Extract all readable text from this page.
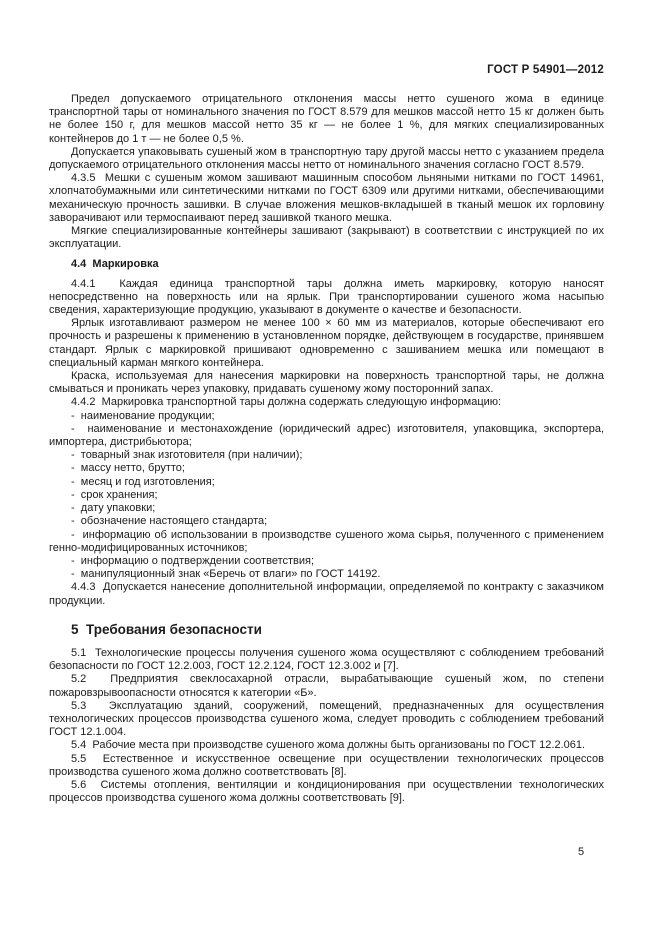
ГОСТ Р 54901—2012

Предел допускаемого отрицательного отклонения массы нетто сушеного жома в единице транспортной тары от номинального значения по ГОСТ 8.579 для мешков массой нетто 15 кг должен быть не более 150 г, для мешков массой нетто 35 кг — не более 1 %, для мягких специализированных контейнеров до 1 т — не более 0,5 %.

Допускается упаковывать сушеный жом в транспортную тару другой массы нетто с указанием предела допускаемого отрицательного отклонения массы нетто от номинального значения согласно ГОСТ 8.579.

4.3.5  Мешки с сушеным жомом зашивают машинным способом льняными нитками по ГОСТ 14961, хлопчатобумажными или синтетическими нитками по ГОСТ 6309 или другими нитками, обеспечивающими механическую прочность зашивки. В случае вложения мешков-вкладышей в тканый мешок их горловину заворачивают или термоспаивают перед зашивкой тканого мешка.

Мягкие специализированные контейнеры зашивают (закрывают) в соответствии с инструкцией по их эксплуатации.

4.4  Маркировка

4.4.1  Каждая единица транспортной тары должна иметь маркировку, которую наносят непосредственно на поверхность или на ярлык. При транспортировании сушеного жома насыпью сведения, характеризующие продукцию, указывают в документе о качестве и безопасности.

Ярлык изготавливают размером не менее 100 × 60 мм из материалов, которые обеспечивают его прочность и разрешены к применению в установленном порядке, действующем в государстве, принявшем стандарт. Ярлык с маркировкой пришивают одновременно с зашиванием мешка или помещают в специальный карман мягкого контейнера.

Краска, используемая для нанесения маркировки на поверхность транспортной тары, не должна смываться и проникать через упаковку, придавать сушеному жому посторонний запах.

4.4.2  Маркировка транспортной тары должна содержать следующую информацию:

-  наименование продукции;

-  наименование и местонахождение (юридический адрес) изготовителя, упаковщика, экспортера, импортера, дистрибьютора;

-  товарный знак изготовителя (при наличии);

-  массу нетто, брутто;

-  месяц и год изготовления;

-  срок хранения;

-  дату упаковки;

-  обозначение настоящего стандарта;

-  информацию об использовании в производстве сушеного жома сырья, полученного с применением генно-модифицированных источников;

-  информацию о подтверждении соответствия;

-  манипуляционный знак «Беречь от влаги» по ГОСТ 14192.

4.4.3  Допускается нанесение дополнительной информации, определяемой по контракту с заказчиком продукции.

5  Требования безопасности

5.1  Технологические процессы получения сушеного жома осуществляют с соблюдением требований безопасности по ГОСТ 12.2.003, ГОСТ 12.2.124, ГОСТ 12.3.002 и [7].

5.2  Предприятия свеклосахарной отрасли, вырабатывающие сушеный жом, по степени пожаровзрывоопасности относятся к категории «Б».

5.3  Эксплуатацию зданий, сооружений, помещений, предназначенных для осуществления технологических процессов производства сушеного жома, следует проводить с соблюдением требований ГОСТ 12.1.004.

5.4  Рабочие места при производстве сушеного жома должны быть организованы по ГОСТ 12.2.061.

5.5  Естественное и искусственное освещение при осуществлении технологических процессов производства сушеного жома должно соответствовать [8].

5.6  Системы отопления, вентиляции и кондиционирования при осуществлении технологических процессов производства сушеного жома должны соответствовать [9].

5
